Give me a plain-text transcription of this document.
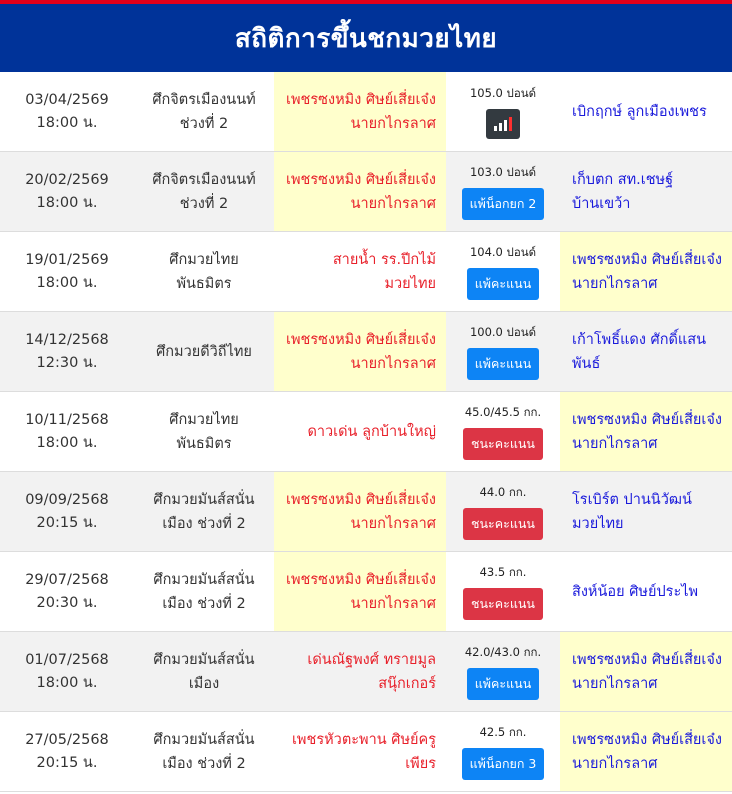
สถิติการขึ้นชกมวยไทย
03/04/2569
18:00 น.
ศึกจิตรเมืองนนท์ ช่วงที่ 2
เพชรซงหมิง ศิษย์เสี่ยเจ๋งนายกไกรลาศ
105.0 ปอนด์
เบิกฤกษ์ ลูกเมืองเพชร
20/02/2569
18:00 น.
ศึกจิตรเมืองนนท์ ช่วงที่ 2
เพชรซงหมิง ศิษย์เสี่ยเจ๋งนายกไกรลาศ
103.0 ปอนด์
แพ้น็อกยก 2
เก็บตก สท.เชษฐ์ บ้านเขว้า
19/01/2569
18:00 น.
ศึกมวยไทยพันธมิตร
สายน้ำ รร.ปีกไม้มวยไทย
104.0 ปอนด์
แพ้คะแนน
เพชรซงหมิง ศิษย์เสี่ยเจ๋งนายกไกรลาศ
14/12/2568
12:30 น.
ศึกมวยดีวิถีไทย
เพชรซงหมิง ศิษย์เสี่ยเจ๋งนายกไกรลาศ
100.0 ปอนด์
แพ้คะแนน
เก้าโพธิ์แดง ศักดิ์แสนพันธ์
10/11/2568
18:00 น.
ศึกมวยไทยพันธมิตร
ดาวเด่น ลูกบ้านใหญ่
45.0/45.5 กก.
ชนะคะแนน
เพชรซงหมิง ศิษย์เสี่ยเจ๋งนายกไกรลาศ
09/09/2568
20:15 น.
ศึกมวยมันส์สนั่นเมือง ช่วงที่ 2
เพชรซงหมิง ศิษย์เสี่ยเจ๋งนายกไกรลาศ
44.0 กก.
ชนะคะแนน
โรเบิร์ต ปานนิวัฒน์มวยไทย
29/07/2568
20:30 น.
ศึกมวยมันส์สนั่นเมือง ช่วงที่ 2
เพชรซงหมิง ศิษย์เสี่ยเจ๋งนายกไกรลาศ
43.5 กก.
ชนะคะแนน
สิงห์น้อย ศิษย์ประไพ
01/07/2568
18:00 น.
ศึกมวยมันส์สนั่นเมือง
เด่นณัฐพงศ์ ทรายมูลสนุ๊กเกอร์
42.0/43.0 กก.
แพ้คะแนน
เพชรซงหมิง ศิษย์เสี่ยเจ๋งนายกไกรลาศ
27/05/2568
20:15 น.
ศึกมวยมันส์สนั่นเมือง ช่วงที่ 2
เพชรหัวตะพาน ศิษย์ครูเพียร
42.5 กก.
แพ้น็อกยก 3
เพชรซงหมิง ศิษย์เสี่ยเจ๋งนายกไกรลาศ
